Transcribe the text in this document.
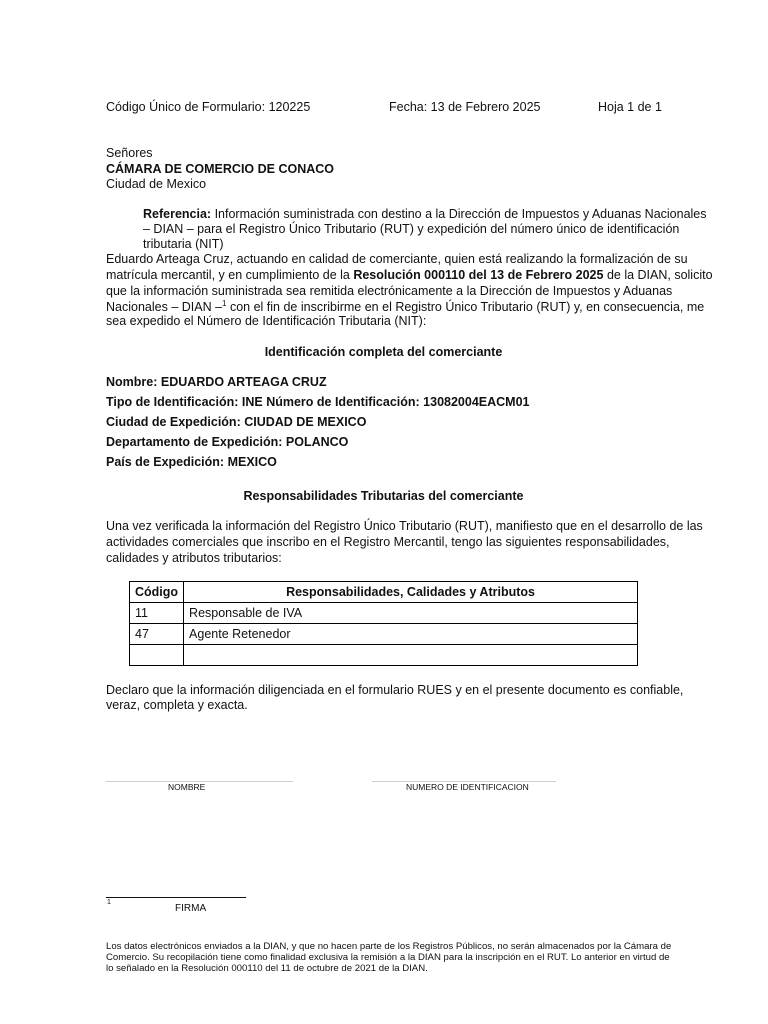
Código Único de Formulario: 120225	Fecha: 13 de Febrero 2025	Hoja 1 de 1
Señores
CÁMARA DE COMERCIO DE CONACO
Ciudad de Mexico
Referencia: Información suministrada con destino a la Dirección de Impuestos y Aduanas Nacionales
– DIAN – para el Registro Único Tributario (RUT) y expedición del número único de identificación
tributaria (NIT)
Eduardo Arteaga Cruz, actuando en calidad de comerciante, quien está realizando la formalización de su
matrícula mercantil, y en cumplimiento de la Resolución 000110 del 13 de Febrero 2025 de la DIAN, solicito
que la información suministrada sea remitida electrónicamente a la Dirección de Impuestos y Aduanas
Nacionales – DIAN –$^1$ con el fin de inscribirme en el Registro Único Tributario (RUT) y, en consecuencia, me
sea expedido el Número de Identificación Tributaria (NIT):
Identificación completa del comerciante
Nombre: EDUARDO ARTEAGA CRUZ
Tipo de Identificación: INE Número de Identificación: 13082004EACM01
Ciudad de Expedición: CIUDAD DE MEXICO
Departamento de Expedición: POLANCO
País de Expedición: MEXICO
Responsabilidades Tributarias del comerciante
Una vez verificada la información del Registro Único Tributario (RUT), manifiesto que en el desarrollo de las
actividades comerciales que inscribo en el Registro Mercantil, tengo las siguientes responsabilidades,
calidades y atributos tributarios:
Código	Responsabilidades, Calidades y Atributos
11	Responsable de IVA
47	Agente Retenedor

Declaro que la información diligenciada en el formulario RUES y en el presente documento es confiable,
veraz, completa y exacta.
NOMBRE	NUMERO DE IDENTIFICACION
1
FIRMA
Los datos electrónicos enviados a la DIAN, y que no hacen parte de los Registros Públicos, no serán almacenados por la Cámara de
Comercio. Su recopilación tiene como finalidad exclusiva la remisión a la DIAN para la inscripción en el RUT. Lo anterior en virtud de
lo señalado en la Resolución 000110 del 11 de octubre de 2021 de la DIAN.
